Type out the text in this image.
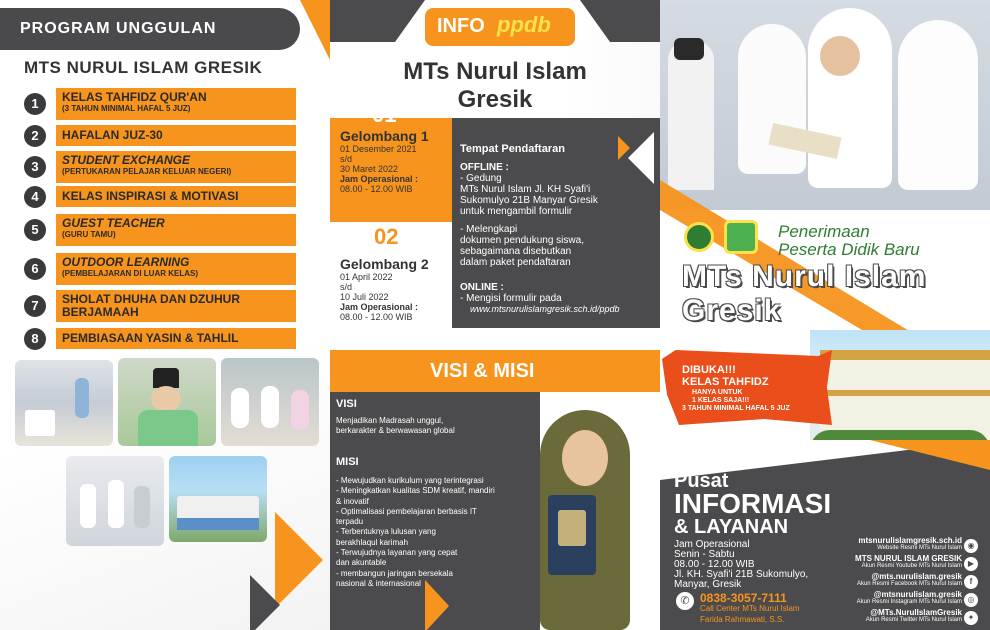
PROGRAM UNGGULAN
MTS NURUL ISLAM GRESIK
1	KELAS TAHFIDZ QUR'AN
(3 TAHUN MINIMAL HAFAL 5 JUZ)
2	HAFALAN JUZ-30
3	STUDENT EXCHANGE
(PERTUKARAN PELAJAR KELUAR NEGERI)
4	KELAS INSPIRASI & MOTIVASI
5	GUEST TEACHER
(GURU TAMU)
6	OUTDOOR LEARNING
(PEMBELAJARAN DI LUAR KELAS)
7	SHOLAT DHUHA DAN DZUHUR BERJAMAAH
8	PEMBIASAAN YASIN & TAHLIL
INFO ppdb
MTs Nurul Islam
Gresik
01
Gelombang 1
01 Desember 2021
s/d
30 Maret 2022
Jam Operasional :
08.00 - 12.00 WIB
02
Gelombang 2
01 April 2022
s/d
10 Juli 2022
Jam Operasional :
08.00 - 12.00 WIB
Tempat Pendaftaran
OFFLINE :
- Gedung
MTs Nurul Islam Jl. KH Syafi'i
Sukomulyo 21B Manyar Gresik
untuk mengambil formulir
- Melengkapi
dokumen pendukung siswa,
sebagaimana disebutkan
dalam paket pendaftaran
ONLINE :
- Mengisi formulir pada
www.mtsnurulislamgresik.sch.id/ppdb
VISI & MISI
VISI
Menjadikan Madrasah unggul,
berkarakter & berwawasan global
MISI
- Mewujudkan kurikulum yang terintegrasi
- Meningkatkan kualitas SDM kreatif, mandiri
& inovatif
- Optimalisasi pembelajaran berbasis IT
terpadu
- Terbentuknya lulusan yang
berakhlaqul karimah
- Terwujudnya layanan yang cepat
dan akuntable
- membangun jaringan bersekala
nasional & internasional
Penerimaan
Peserta Didik Baru
MTs Nurul Islam
Gresik
DIBUKA!!!
KELAS TAHFIDZ
HANYA UNTUK
1 KELAS SAJA!!!
3 TAHUN MINIMAL HAFAL 5 JUZ
Pusat
INFORMASI
& LAYANAN
Jam Operasional
Senin - Sabtu
08.00 - 12.00 WIB
Jl. KH. Syafi'i 21B Sukomulyo,
Manyar, Gresik
✆ 0838-3057-7111
Call Center MTs Nurul Islam
Farida Rahmawati, S.S.
mtsnurulislamgresik.sch.id
Website Resmi MTs Nurul Islam ◉
MTS NURUL ISLAM GRESIK
Akun Resmi Youtube MTs Nurul Islam ▶
@mts.nurulislam.gresik
Akun Resmi Facebook MTs Nurul Islam f
@mtsnurulislam.gresik
Akun Resmi Instagram MTs Nurul Islam ◎
@MTs.NurulIslamGresik
Akun Resmi Twitter MTs Nurul Islam ✦
